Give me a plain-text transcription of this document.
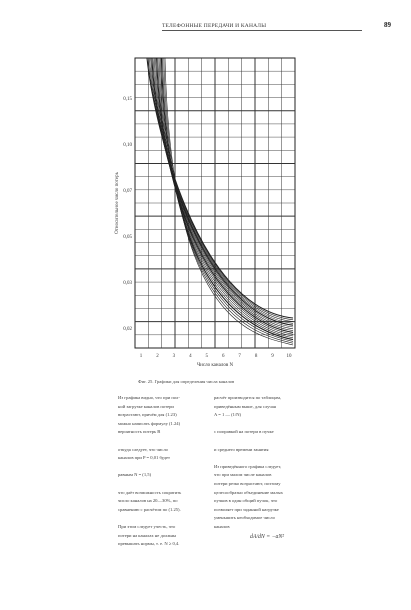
ТЕЛЕФОННЫЕ ПЕРЕДАЧИ И КАНАЛЫ	89
0,15
0,10
0,07
0,05
0,03
0,02
Относительное число потерь
1	2	3	4	5	6	7	8	9	10
Число каналов N
Фиг. 25. Графики для определения числа каналов

Из графика видно, что при пол-

ной загрузке каналов потери

возрастают, причём для (1.23)

можно написать формулу (1.24)

вероятность потерь B

откуда следует, что число

каналов при P = 0,01 будет

равным N = (1,5)

что даёт возможность сократить

число каналов на 20—30%, по

сравнению с расчётом по (1.25).

При этом следует учесть, что

потери на каналах не должны

превышать нормы, т. е. N ≥ 0,4.

расчёт производится по таблицам,

приведённым выше, для случая

A = 1 — (1/N)

с поправкой на потери в пучке

и среднего времени занятия

Из приведённого графика следует,

что при малом числе каналов

потери резко возрастают, поэтому

целесообразно объединение малых

пучков в один общий пучок, что

позволяет при заданной нагрузке

уменьшить необходимое число

каналов

dA/dN = −aN²
